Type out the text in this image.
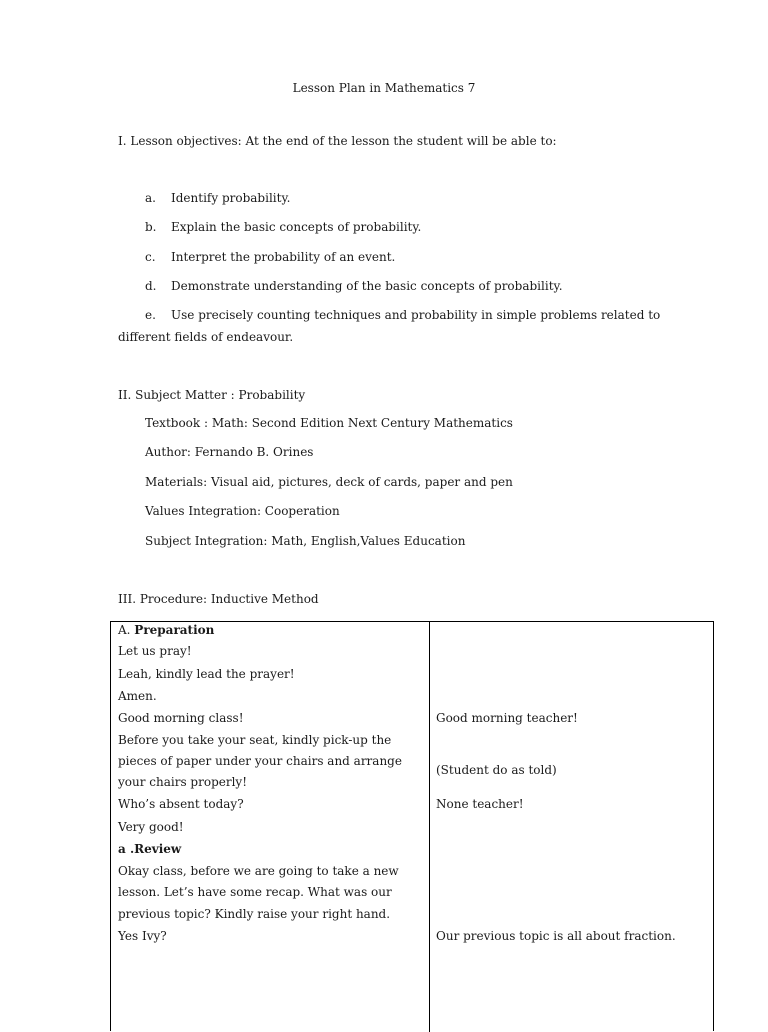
Lesson Plan in Mathematics 7
I. Lesson objectives: At the end of the lesson the student will be able to:
a. Identify probability.
b. Explain the basic concepts of probability.
c. Interpret the probability of an event.
d. Demonstrate understanding of the basic concepts of probability.
e. Use precisely counting techniques and probability in simple problems related to
different fields of endeavour.
II. Subject Matter : Probability
Textbook : Math: Second Edition Next Century Mathematics
Author: Fernando B. Orines
Materials: Visual aid, pictures, deck of cards, paper and pen
Values Integration: Cooperation
Subject Integration: Math, English,Values Education
III. Procedure: Inductive Method
A. Preparation
Let us pray!
Leah, kindly lead the prayer!
Amen.
Good morning class!
Before you take your seat, kindly pick-up the
pieces of paper under your chairs and arrange
your chairs properly!
Who’s absent today?
Very good!
a .Review
Okay class, before we are going to take a new
lesson. Let’s have some recap. What was our
previous topic? Kindly raise your right hand.
Yes Ivy?
Good morning teacher!
(Student do as told)
None teacher!
Our previous topic is all about fraction.
